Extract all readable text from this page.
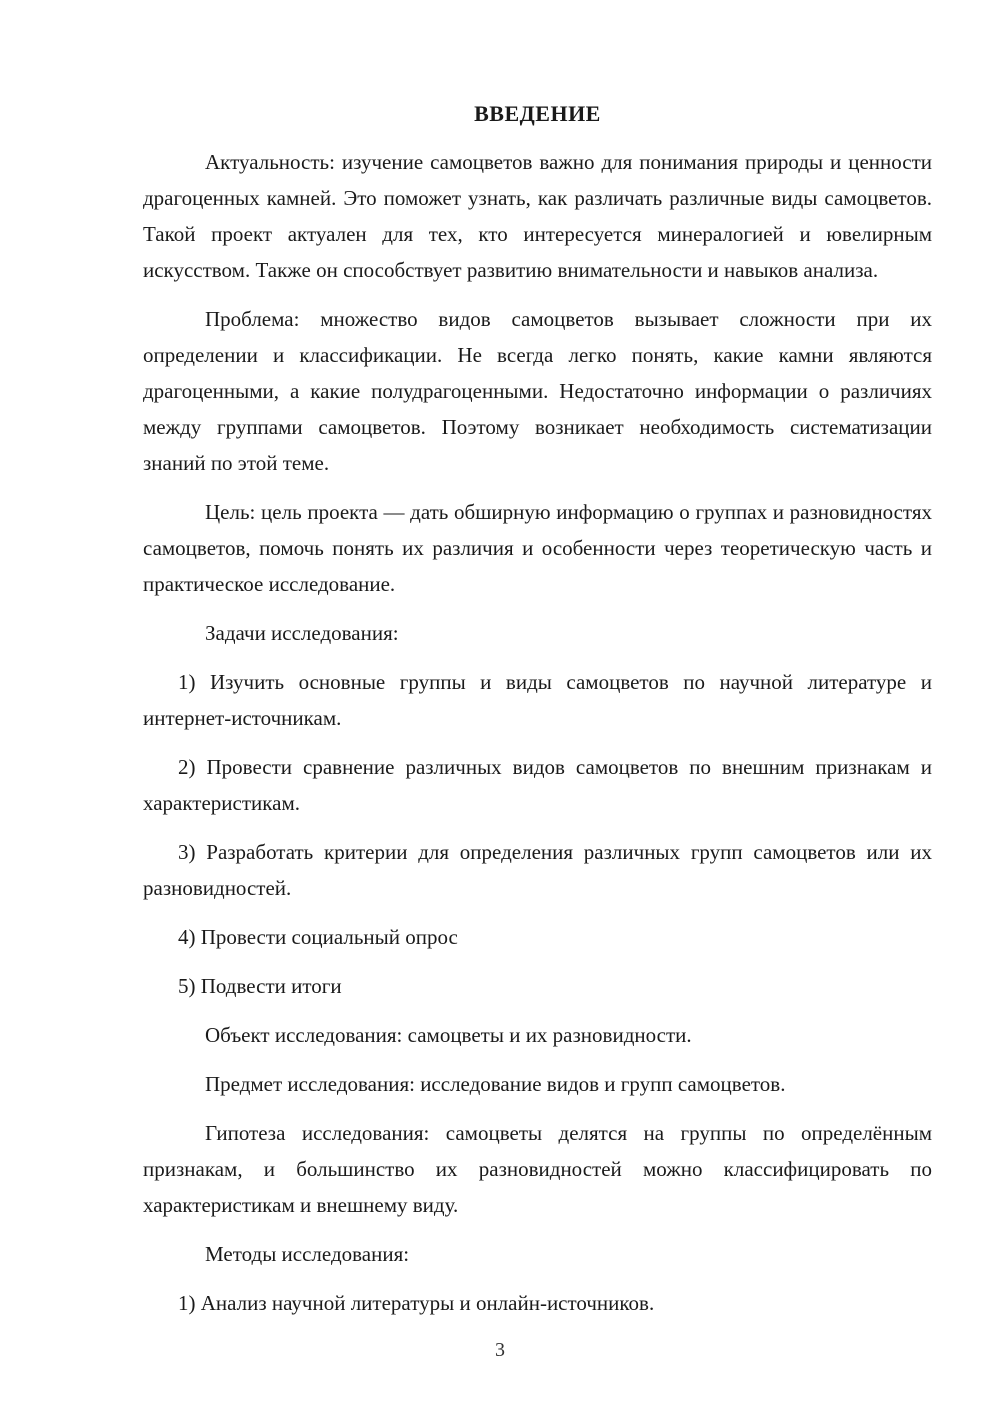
ВВЕДЕНИЕ

Актуальность: изучение самоцветов важно для понимания природы и ценности драгоценных камней. Это поможет узнать, как различать различные виды самоцветов. Такой проект актуален для тех, кто интересуется минералогией и ювелирным искусством. Также он способствует развитию внимательности и навыков анализа.

Проблема: множество видов самоцветов вызывает сложности при их определении и классификации. Не всегда легко понять, какие камни являются драгоценными, а какие полудрагоценными. Недостаточно информации о различиях между группами самоцветов. Поэтому возникает необходимость систематизации знаний по этой теме.

Цель: цель проекта — дать обширную информацию о группах и разновидностях самоцветов, помочь понять их различия и особенности через теоретическую часть и практическое исследование.

Задачи исследования:

1) Изучить основные группы и виды самоцветов по научной литературе и интернет-источникам.

2) Провести сравнение различных видов самоцветов по внешним признакам и характеристикам.

3) Разработать критерии для определения различных групп самоцветов или их разновидностей.

4) Провести социальный опрос

5) Подвести итоги

Объект исследования: самоцветы и их разновидности.

Предмет исследования: исследование видов и групп самоцветов.

Гипотеза исследования: самоцветы делятся на группы по определённым признакам, и большинство их разновидностей можно классифицировать по характеристикам и внешнему виду.

Методы исследования:

1) Анализ научной литературы и онлайн-источников.

3
